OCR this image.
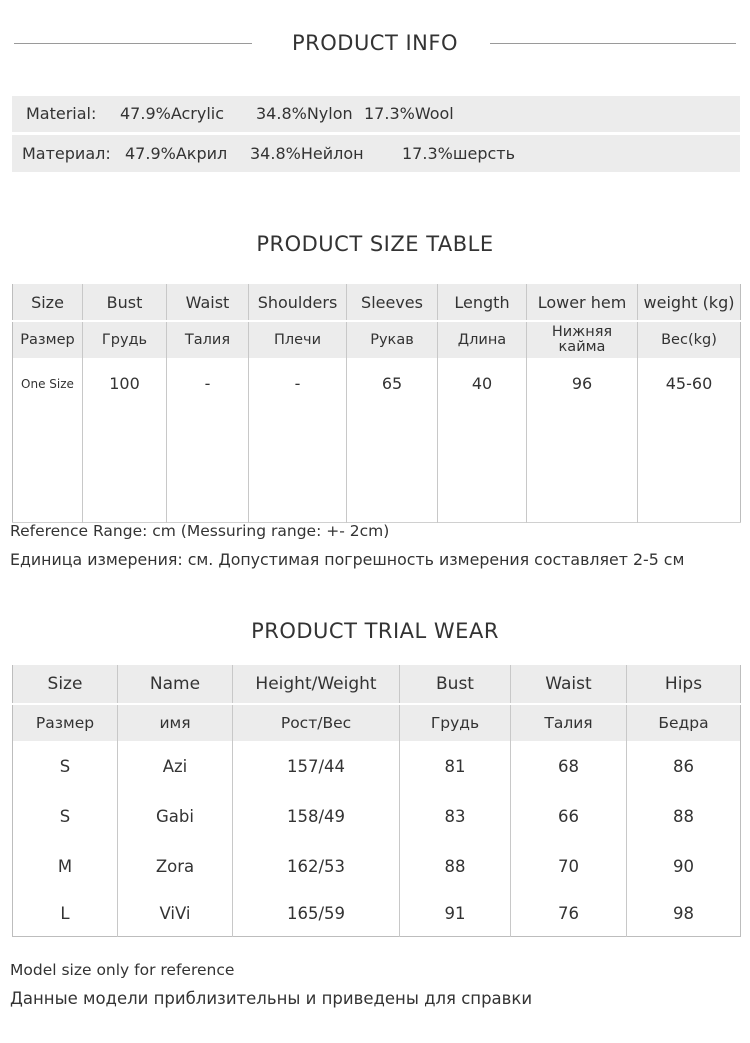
PRODUCT INFO
Material: 47.9%Acrylic 34.8%Nylon 17.3%Wool
Материал: 47.9%Акрил 34.8%Нейлон 17.3%шерсть
PRODUCT SIZE TABLE
Size	Bust	Waist	Shoulders	Sleeves	Length	Lower hem	weight (kg)
Размер	Грудь	Талия	Плечи	Рукав	Длина	Нижняя кайма	Вес(kg)
One Size	100	-	-	65	40	96	45-60
Reference Range: cm (Messuring range: +- 2cm)
Единица измерения: см. Допустимая погрешность измерения составляет 2-5 см
PRODUCT TRIAL WEAR
Size	Name	Height/Weight	Bust	Waist	Hips
Размер	имя	Рост/Вес	Грудь	Талия	Бедра
S	Azi	157/44	81	68	86
S	Gabi	158/49	83	66	88
M	Zora	162/53	88	70	90
L	ViVi	165/59	91	76	98
Model size only for reference
Данные модели приблизительны и приведены для справки
